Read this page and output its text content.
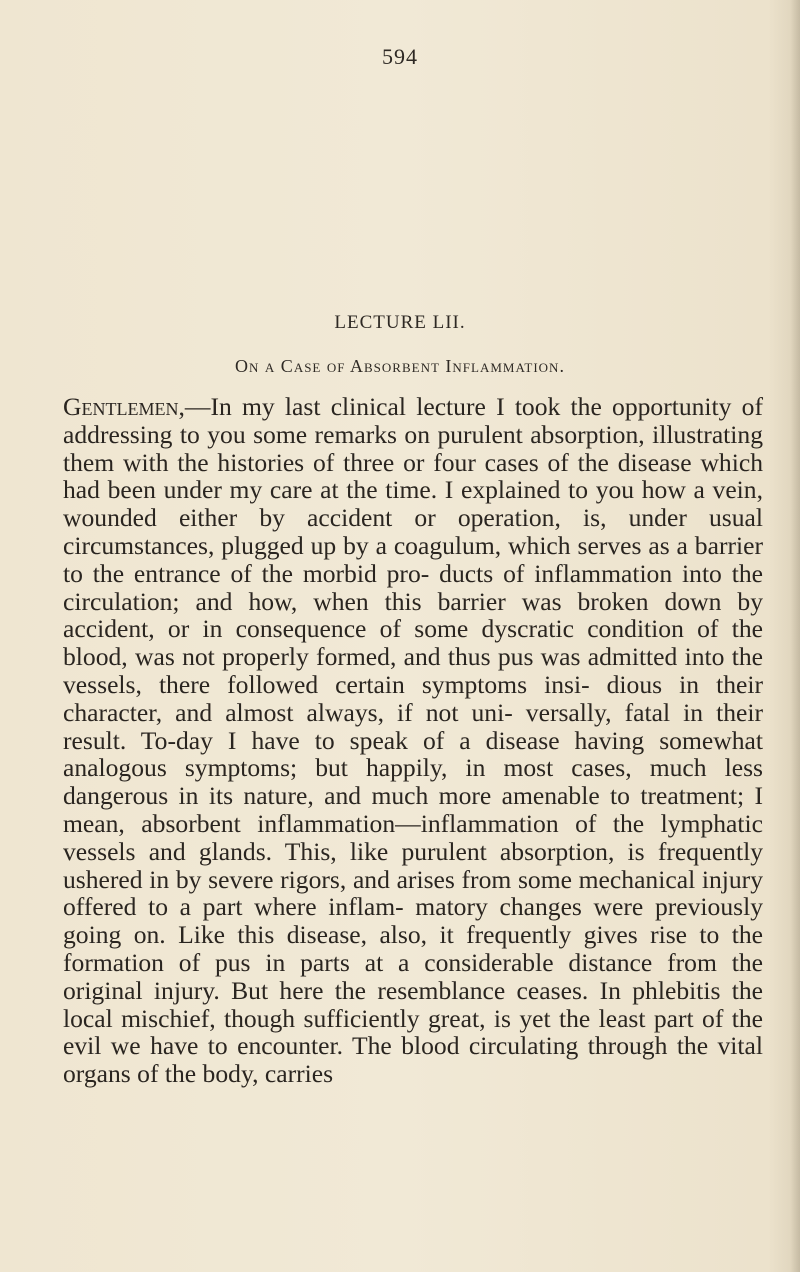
594
LECTURE LII.
On a Case of Absorbent Inflammation.
Gentlemen,—In my last clinical lecture I took the opportunity of addressing to you some remarks on purulent absorption, illustrating them with the histories of three or four cases of the disease which had been under my care at the time. I explained to you how a vein, wounded either by accident or operation, is, under usual circumstances, plugged up by a coagulum, which serves as a barrier to the entrance of the morbid pro- ducts of inflammation into the circulation; and how, when this barrier was broken down by accident, or in consequence of some dyscratic condition of the blood, was not properly formed, and thus pus was admitted into the vessels, there followed certain symptoms insi- dious in their character, and almost always, if not uni- versally, fatal in their result. To-day I have to speak of a disease having somewhat analogous symptoms; but happily, in most cases, much less dangerous in its nature, and much more amenable to treatment; I mean, absorbent inflammation—inflammation of the lymphatic vessels and glands. This, like purulent absorption, is frequently ushered in by severe rigors, and arises from some mechanical injury offered to a part where inflam- matory changes were previously going on. Like this disease, also, it frequently gives rise to the formation of pus in parts at a considerable distance from the original injury. But here the resemblance ceases. In phlebitis the local mischief, though sufficiently great, is yet the least part of the evil we have to encounter. The blood circulating through the vital organs of the body, carries
